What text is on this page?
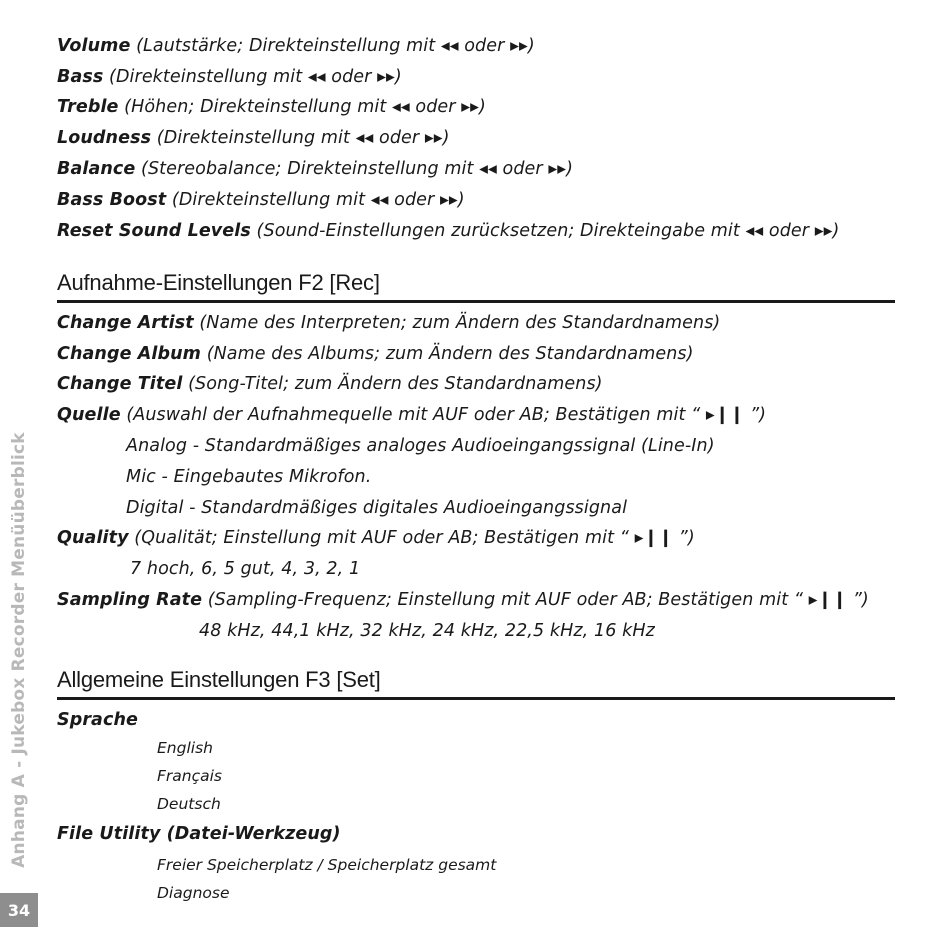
Volume (Lautstärke; Direkteinstellung mit ◂◂ oder ▸▸)
Bass (Direkteinstellung mit ◂◂ oder ▸▸)
Treble (Höhen; Direkteinstellung mit ◂◂ oder ▸▸)
Loudness (Direkteinstellung mit ◂◂ oder ▸▸)
Balance (Stereobalance; Direkteinstellung mit ◂◂ oder ▸▸)
Bass Boost (Direkteinstellung mit ◂◂ oder ▸▸)
Reset Sound Levels (Sound-Einstellungen zurücksetzen; Direkteingabe mit ◂◂ oder ▸▸)
Aufnahme-Einstellungen F2 [Rec]
Change Artist (Name des Interpreten; zum Ändern des Standardnamens)
Change Album (Name des Albums; zum Ändern des Standardnamens)
Change Titel (Song-Titel; zum Ändern des Standardnamens)
Quelle (Auswahl der Aufnahmequelle mit AUF oder AB; Bestätigen mit “ ▸❙❙ ”)
Analog - Standardmäßiges analoges Audioeingangssignal (Line-In)
Mic - Eingebautes Mikrofon.
Digital - Standardmäßiges digitales Audioeingangssignal
Quality (Qualität; Einstellung mit AUF oder AB; Bestätigen mit “ ▸❙❙ ”)
7 hoch, 6, 5 gut, 4, 3, 2, 1
Sampling Rate (Sampling-Frequenz; Einstellung mit AUF oder AB; Bestätigen mit “ ▸❙❙ ”)
48 kHz, 44,1 kHz, 32 kHz, 24 kHz, 22,5 kHz, 16 kHz
Allgemeine Einstellungen F3 [Set]
Sprache
English
Français
Deutsch
File Utility (Datei-Werkzeug)
Freier Speicherplatz / Speicherplatz gesamt
Diagnose
Anhang A - Jukebox Recorder Menüüberblick
34
